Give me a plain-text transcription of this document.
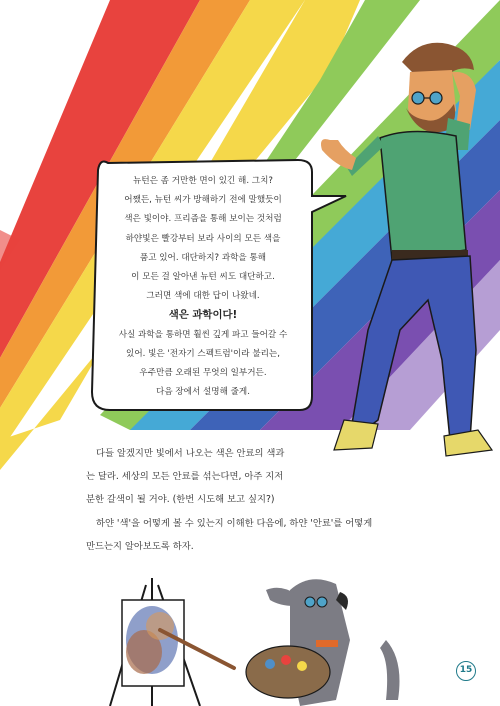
뉴턴은 좀 거만한 면이 있긴 해. 그치?
어쨌든, 뉴턴 씨가 방해하기 전에 말했듯이
색은 빛이야. 프리즘을 통해 보이는 것처럼
하얀빛은 빨강부터 보라 사이의 모든 색을
품고 있어. 대단하지? 과학을 통해
이 모든 걸 알아낸 뉴턴 씨도 대단하고.
그러면 색에 대한 답이 나왔네.
색은 과학이다!
사실 과학을 통하면 훨씬 깊게 파고 들어갈 수
있어. 빛은 '전자기 스펙트럼'이라 불리는,
우주만큼 오래된 무엇의 일부거든.
다음 장에서 설명해 줄게.
다들 알겠지만 빛에서 나오는 색은 안료의 색과
는 달라. 세상의 모든 안료를 섞는다면, 아주 지저
분한 갈색이 될 거야. (한번 시도해 보고 싶지?)
하얀 '색'을 어떻게 볼 수 있는지 이해한 다음에, 하얀 '안료'를 어떻게
만드는지 알아보도록 하자.
15
